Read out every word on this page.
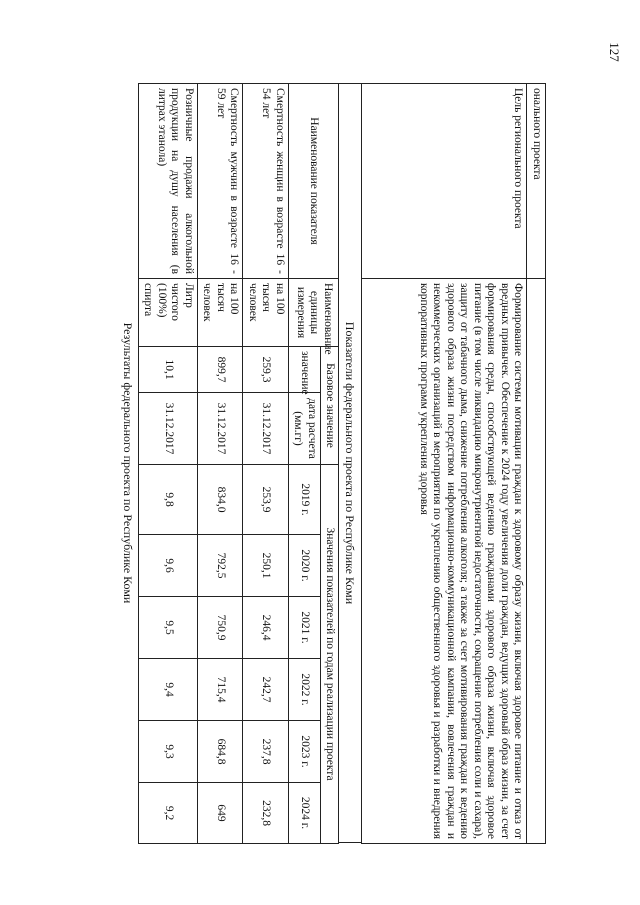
127
онального проекта	
Цель регионального проекта	Формирование системы мотивации граждан к здоровому образу жизни, включая здоровое питание и отказ от вредных привычек. Обеспечение к 2024 году увеличения доли граждан, ведущих здоровый образ жизни, за счет формирования среды, способствующей ведению гражданами здорового образа жизни, включая здоровое питание (в том числе ликвидацию микронутриентной недостаточности, сокращение потребления соли и сахара), защиту от табачного дыма, снижение потребления алкоголя; а также за счет мотивирования граждан к ведению здорового образа жизни посредством информационно-коммуникационной кампании, вовлечения граждан и некоммерческих организаций в мероприятия по укреплению общественного здоровья и разработки и внедрения корпоративных программ укрепления здоровья
Показатели федерального проекта по Республике Коми
Наименование показателя	Наименование единицы измерения	Базовое значение		Значения показателей по годам реализации проекта					
		значение	дата расчета (мм.гг)	2019 г.	2020 г.	2021 г.	2022 г.	2023 г.	2024 г.
Смертность женщин в возрасте 16 - 54 лет	на 100 тысяч человек	259,3	31.12.2017	253,9	250,1	246,4	242,7	237,8	232,8
Смертность мужчин в возрасте 16 - 59 лет	на 100 тысяч человек	899,7	31.12.2017	834,0	792,5	750,9	715,4	684,8	649
Розничные продажи алкогольной продукции на душу населения (в литрах этанола)	Литр чистого (100%) спирта	10,1	31.12.2017	9,8	9,6	9,5	9,4	9,3	9,2
Результаты федерального проекта по Республике Коми
